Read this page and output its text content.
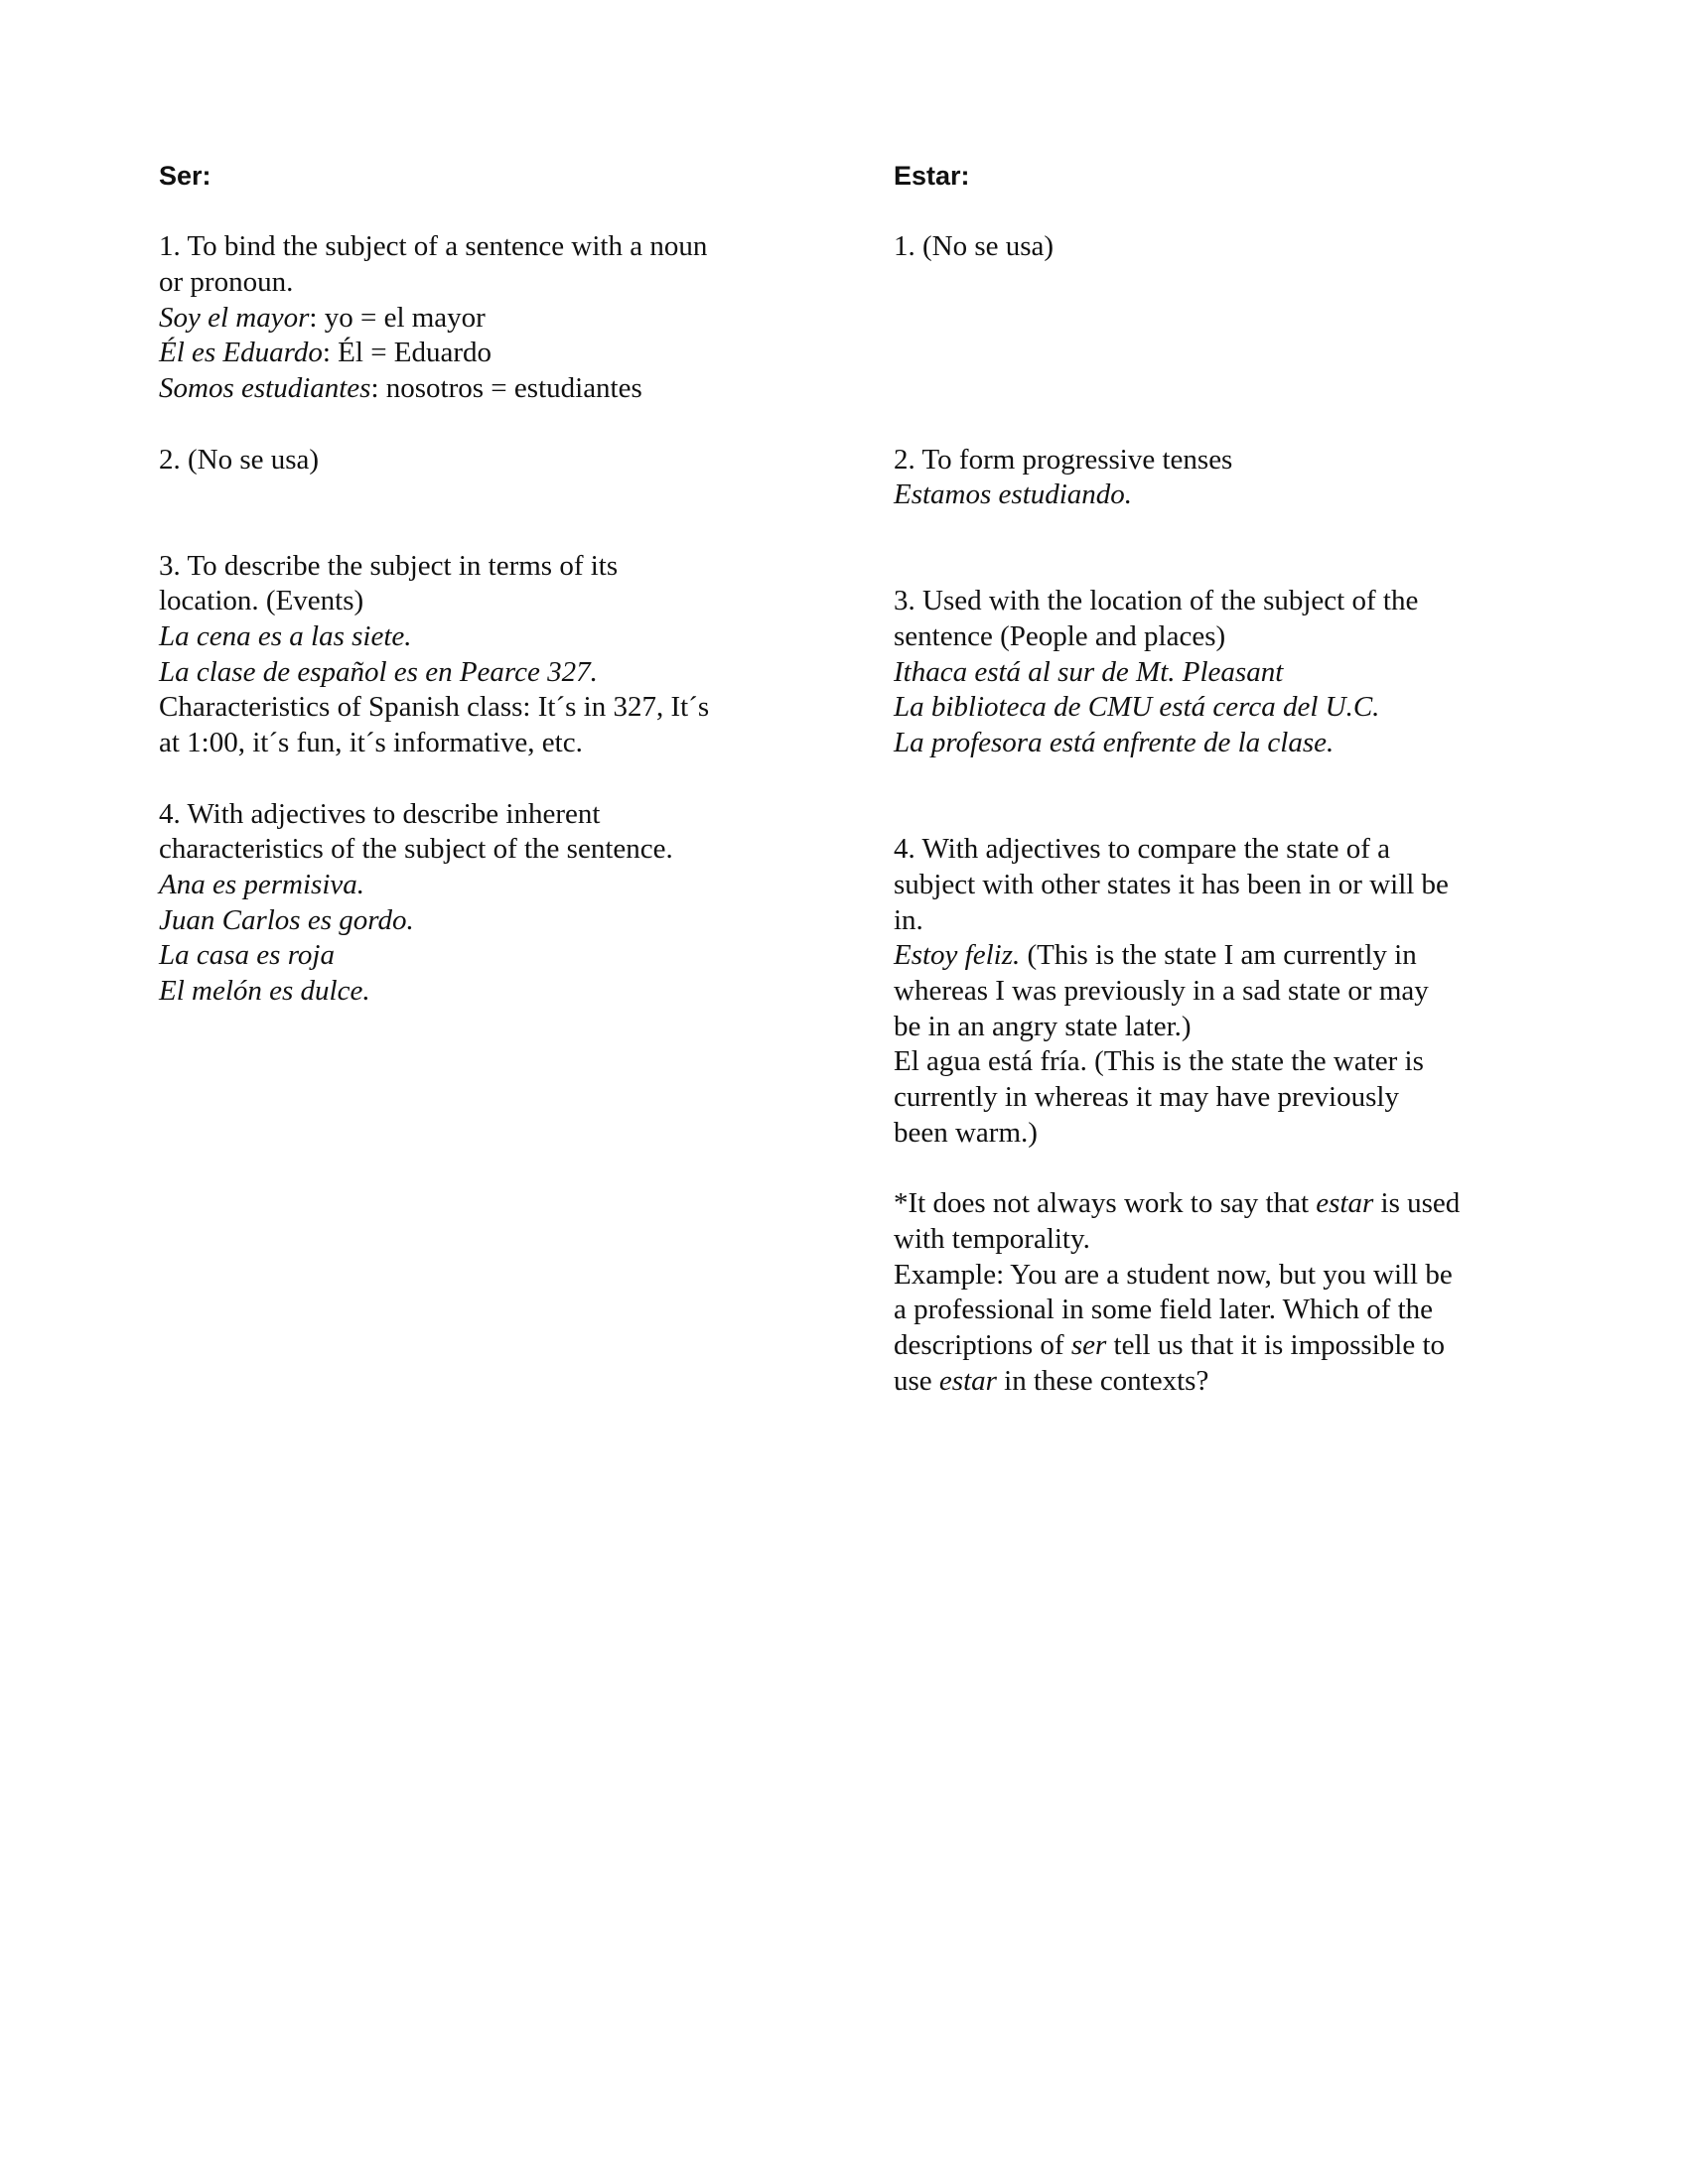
Ser:
1. To bind the subject of a sentence with a noun
or pronoun.
Soy el mayor: yo = el mayor
Él es Eduardo: Él = Eduardo
Somos estudiantes: nosotros = estudiantes
2. (No se usa)
3. To describe the subject in terms of its
location. (Events)
La cena es a las siete.
La clase de español es en Pearce 327.
Characteristics of Spanish class: It´s in 327, It´s
at 1:00, it´s fun, it´s informative, etc.
4. With adjectives to describe inherent
characteristics of the subject of the sentence.
Ana es permisiva.
Juan Carlos es gordo.
La casa es roja
El melón es dulce.
Estar:
1. (No se usa)
2. To form progressive tenses
Estamos estudiando.
3. Used with the location of the subject of the
sentence (People and places)
Ithaca está al sur de Mt. Pleasant
La biblioteca de CMU está cerca del U.C.
La profesora está enfrente de la clase.
4. With adjectives to compare the state of a
subject with other states it has been in or will be
in.
Estoy feliz. (This is the state I am currently in
whereas I was previously in a sad state or may
be in an angry state later.)
El agua está fría. (This is the state the water is
currently in whereas it may have previously
been warm.)
*It does not always work to say that estar is used
with temporality.
Example: You are a student now, but you will be
a professional in some field later. Which of the
descriptions of ser tell us that it is impossible to
use estar in these contexts?
